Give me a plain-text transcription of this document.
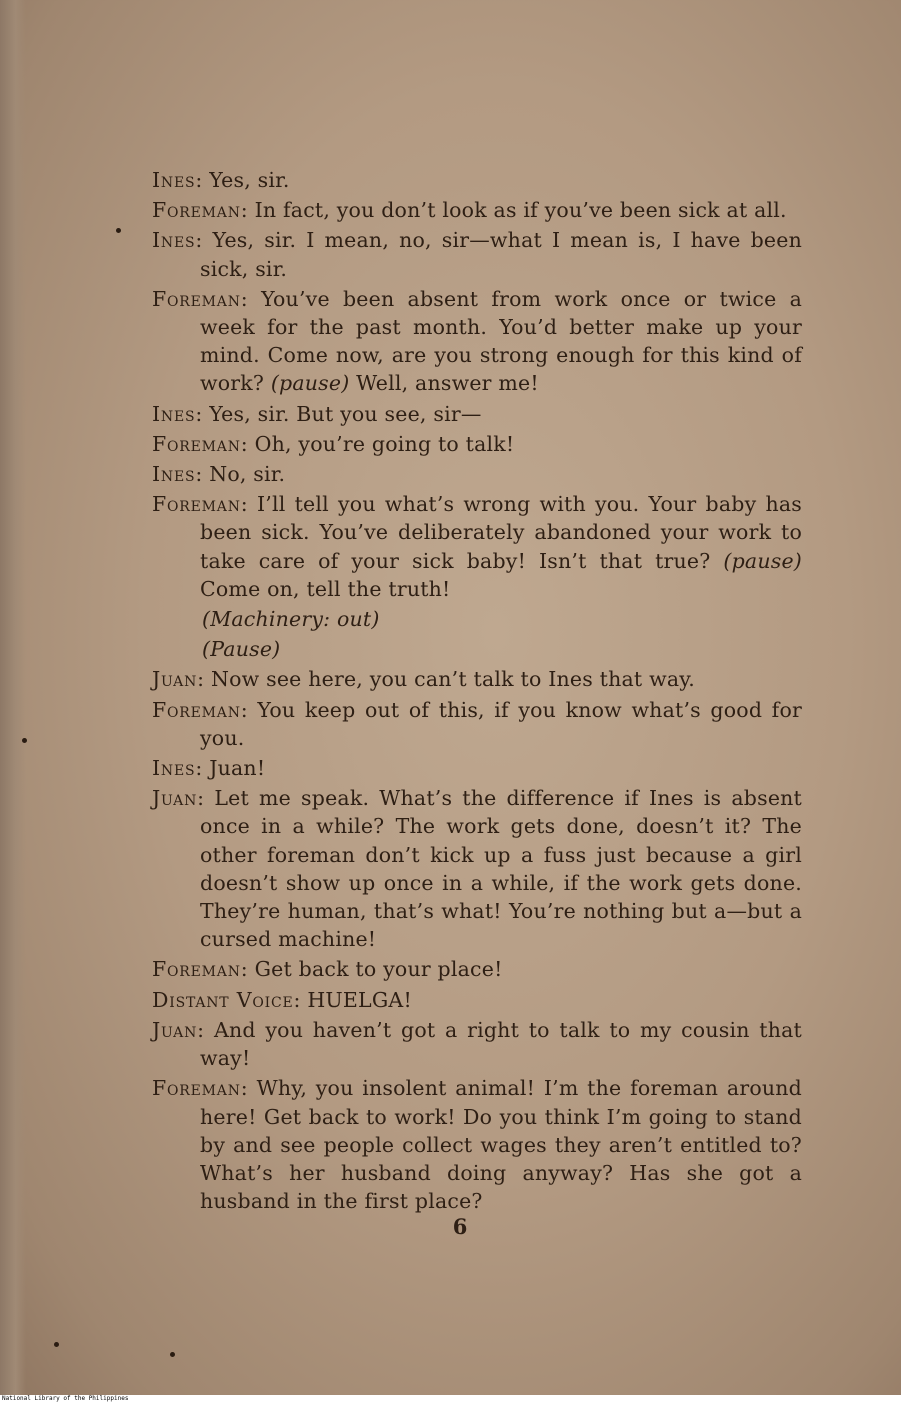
Ines: Yes, sir.

Foreman: In fact, you don’t look as if you’ve been sick at all.

Ines: Yes, sir. I mean, no, sir—what I mean is, I have been sick, sir.

Foreman: You’ve been absent from work once or twice a week for the past month. You’d better make up your mind. Come now, are you strong enough for this kind of work? (pause) Well, answer me!

Ines: Yes, sir. But you see, sir—

Foreman: Oh, you’re going to talk!

Ines: No, sir.

Foreman: I’ll tell you what’s wrong with you. Your baby has been sick. You’ve deliberately abandoned your work to take care of your sick baby! Isn’t that true? (pause) Come on, tell the truth!

(Machinery: out)

(Pause)

Juan: Now see here, you can’t talk to Ines that way.

Foreman: You keep out of this, if you know what’s good for you.

Ines: Juan!

Juan: Let me speak. What’s the difference if Ines is absent once in a while? The work gets done, doesn’t it? The other foreman don’t kick up a fuss just because a girl doesn’t show up once in a while, if the work gets done. They’re human, that’s what! You’re nothing but a—but a cursed machine!

Foreman: Get back to your place!

Distant Voice: HUELGA!

Juan: And you haven’t got a right to talk to my cousin that way!

Foreman: Why, you insolent animal! I’m the foreman around here! Get back to work! Do you think I’m going to stand by and see people collect wages they aren’t entitled to? What’s her husband doing anyway? Has she got a husband in the first place?

6
National Library of the Philippines
